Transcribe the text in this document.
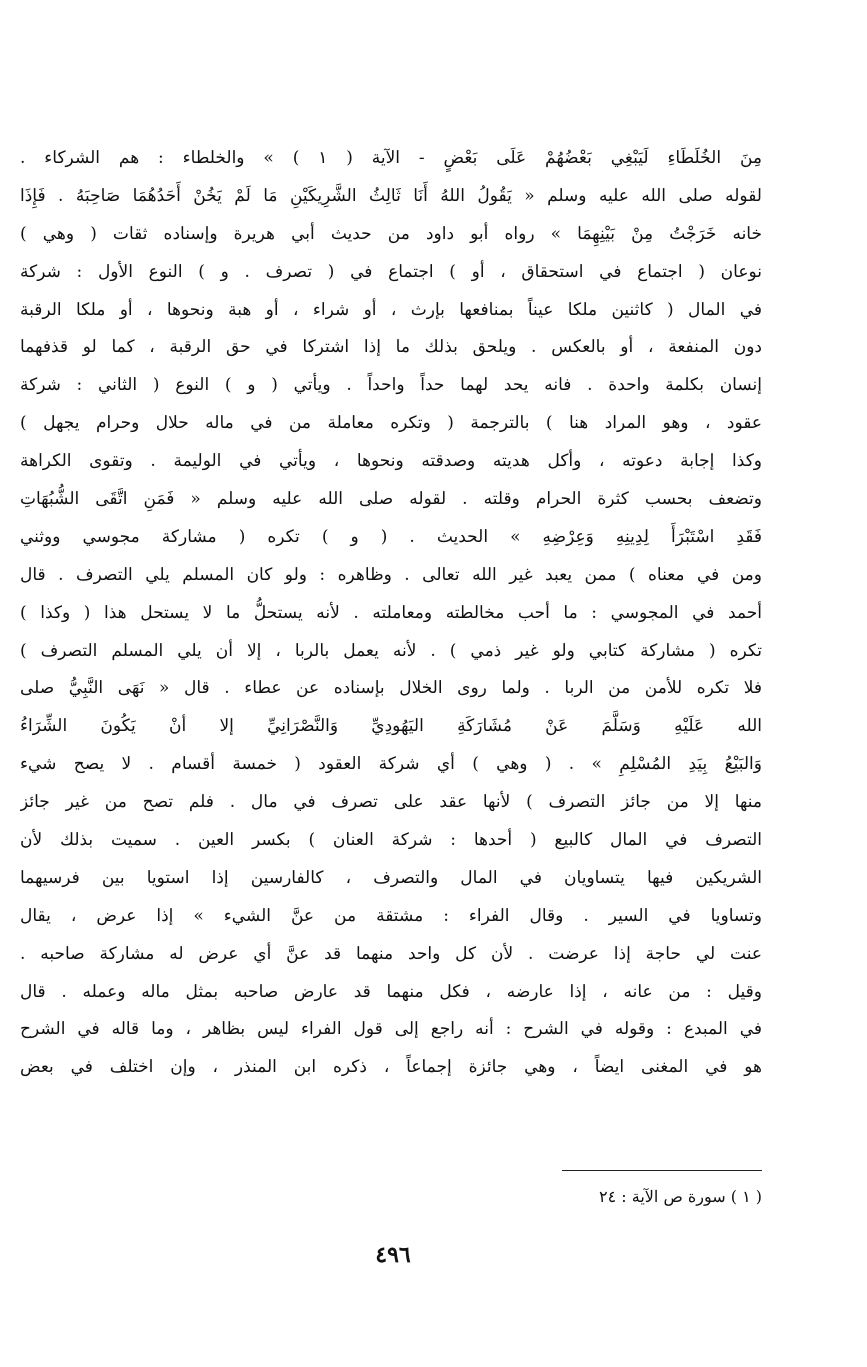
مِنَ الخُلَطَاءِ لَيَبْغِي بَعْضُهُمْ عَلَى بَعْضٍ - الآية ( ١ ) » والخلطاء : هم الشركاء .
لقوله صلى الله عليه وسلم « يَقُولُ اللهُ أَنَا ثَالِثُ الشَّرِيكَيْنِ مَا لَمْ يَخُنْ أَحَدُهُمَا صَاحِبَهُ . فَإِذَا
خانه خَرَجْتُ مِنْ بَيْنِهِمَا » رواه أبو داود من حديث أبي هريرة وإسناده ثقات ( وهي )
نوعان ( اجتماع في استحقاق ، أو ) اجتماع في ( تصرف . و ) النوع الأول : شركة
في المال ( كاثنين ملكا عيناً بمنافعها بإرث ، أو شراء ، أو هبة ونحوها ، أو ملكا الرقبة
دون المنفعة ، أو بالعكس . ويلحق بذلك ما إذا اشتركا في حق الرقبة ، كما لو قذفهما
إنسان بكلمة واحدة . فانه يحد لهما حداً واحداً . ويأتي ( و ) النوع ( الثاني : شركة
عقود ، وهو المراد هنا ) بالترجمة ( وتكره معاملة من في ماله حلال وحرام يجهل )
وكذا إجابة دعوته ، وأكل هديته وصدقته ونحوها ، ويأتي في الوليمة . وتقوى الكراهة
وتضعف بحسب كثرة الحرام وقلته . لقوله صلى الله عليه وسلم « فَمَنِ اتَّقَى الشُّبُهَاتِ
فَقَدِ اسْتَبْرَأَ لِدِينِهِ وَعِرْضِهِ » الحديث . ( و ) تكره ( مشاركة مجوسي ووثني
ومن في معناه ) ممن يعبد غير الله تعالى . وظاهره : ولو كان المسلم يلي التصرف . قال
أحمد في المجوسي : ما أحب مخالطته ومعاملته . لأنه يستحلُّ ما لا يستحل هذا ( وكذا )
تكره ( مشاركة كتابي ولو غير ذمي ) . لأنه يعمل بالربا ، إلا أن يلي المسلم التصرف )
فلا تكره للأمن من الربا . ولما روى الخلال بإسناده عن عطاء . قال « نَهَى النَّبِيُّ صلى
الله عَلَيْهِ وَسَلَّمَ عَنْ مُشَارَكَةِ اليَهُودِيِّ وَالنَّصْرَانِيِّ إلا أنْ يَكُونَ الشِّرَاءُ
وَالبَيْعُ بِيَدِ المُسْلِمِ » . ( وهي ) أي شركة العقود ( خمسة أقسام . لا يصح شيء
منها إلا من جائز التصرف ) لأنها عقد على تصرف في مال . فلم تصح من غير جائز
التصرف في المال كالبيع ( أحدها : شركة العنان ) بكسر العين . سميت بذلك لأن
الشريكين فيها يتساويان في المال والتصرف ، كالفارسين إذا استويا بين فرسيهما
وتساويا في السير . وقال الفراء : مشتقة من عنَّ الشيء » إذا عرض ، يقال
عنت لي حاجة إذا عرضت . لأن كل واحد منهما قد عنَّ أي عرض له مشاركة صاحبه .
وقيل : من عانه ، إذا عارضه ، فكل منهما قد عارض صاحبه بمثل ماله وعمله . قال
في المبدع : وقوله في الشرح : أنه راجع إلى قول الفراء ليس بظاهر ، وما قاله في الشرح
هو في المغنى ايضاً ، وهي جائزة إجماعاً ، ذكره ابن المنذر ، وإن اختلف في بعض
( ١ ) سورة ص الآية : ٢٤
٤٩٦
